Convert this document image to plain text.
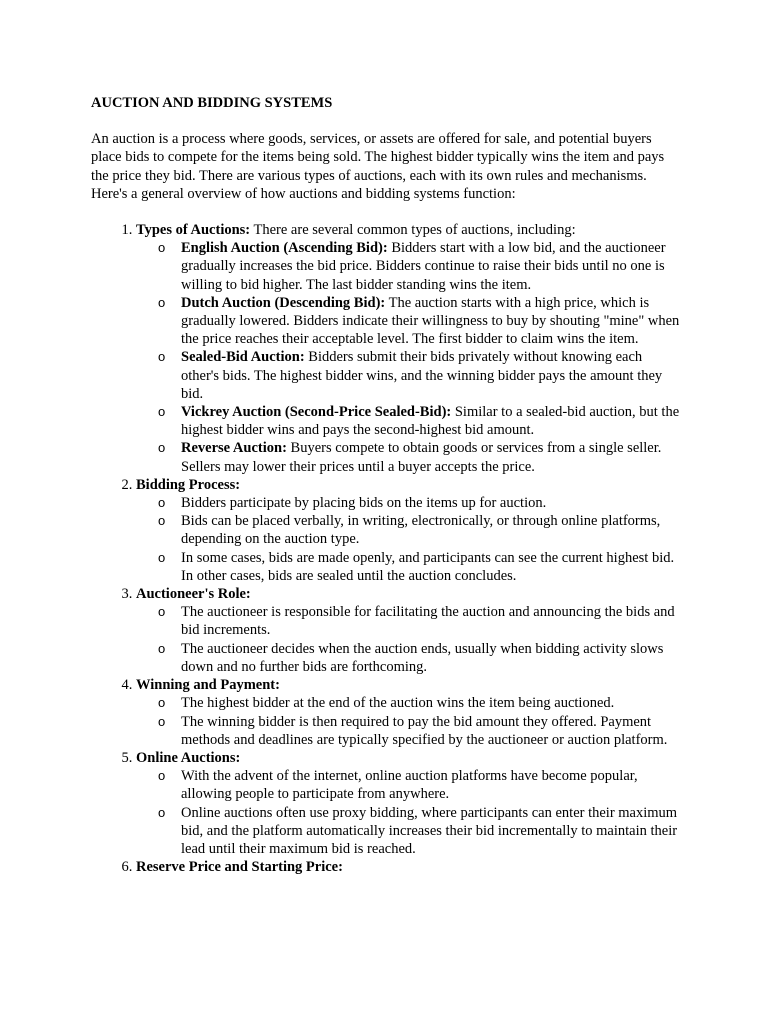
AUCTION AND BIDDING SYSTEMS

An auction is a process where goods, services, or assets are offered for sale, and potential buyers place bids to compete for the items being sold. The highest bidder typically wins the item and pays the price they bid. There are various types of auctions, each with its own rules and mechanisms. Here's a general overview of how auctions and bidding systems function:

1. Types of Auctions: There are several common types of auctions, including:
o English Auction (Ascending Bid): Bidders start with a low bid, and the auctioneer gradually increases the bid price. Bidders continue to raise their bids until no one is willing to bid higher. The last bidder standing wins the item.
o Dutch Auction (Descending Bid): The auction starts with a high price, which is gradually lowered. Bidders indicate their willingness to buy by shouting "mine" when the price reaches their acceptable level. The first bidder to claim wins the item.
o Sealed-Bid Auction: Bidders submit their bids privately without knowing each other's bids. The highest bidder wins, and the winning bidder pays the amount they bid.
o Vickrey Auction (Second-Price Sealed-Bid): Similar to a sealed-bid auction, but the highest bidder wins and pays the second-highest bid amount.
o Reverse Auction: Buyers compete to obtain goods or services from a single seller. Sellers may lower their prices until a buyer accepts the price.
2. Bidding Process:
o Bidders participate by placing bids on the items up for auction.
o Bids can be placed verbally, in writing, electronically, or through online platforms, depending on the auction type.
o In some cases, bids are made openly, and participants can see the current highest bid. In other cases, bids are sealed until the auction concludes.
3. Auctioneer's Role:
o The auctioneer is responsible for facilitating the auction and announcing the bids and bid increments.
o The auctioneer decides when the auction ends, usually when bidding activity slows down and no further bids are forthcoming.
4. Winning and Payment:
o The highest bidder at the end of the auction wins the item being auctioned.
o The winning bidder is then required to pay the bid amount they offered. Payment methods and deadlines are typically specified by the auctioneer or auction platform.
5. Online Auctions:
o With the advent of the internet, online auction platforms have become popular, allowing people to participate from anywhere.
o Online auctions often use proxy bidding, where participants can enter their maximum bid, and the platform automatically increases their bid incrementally to maintain their lead until their maximum bid is reached.
6. Reserve Price and Starting Price:
